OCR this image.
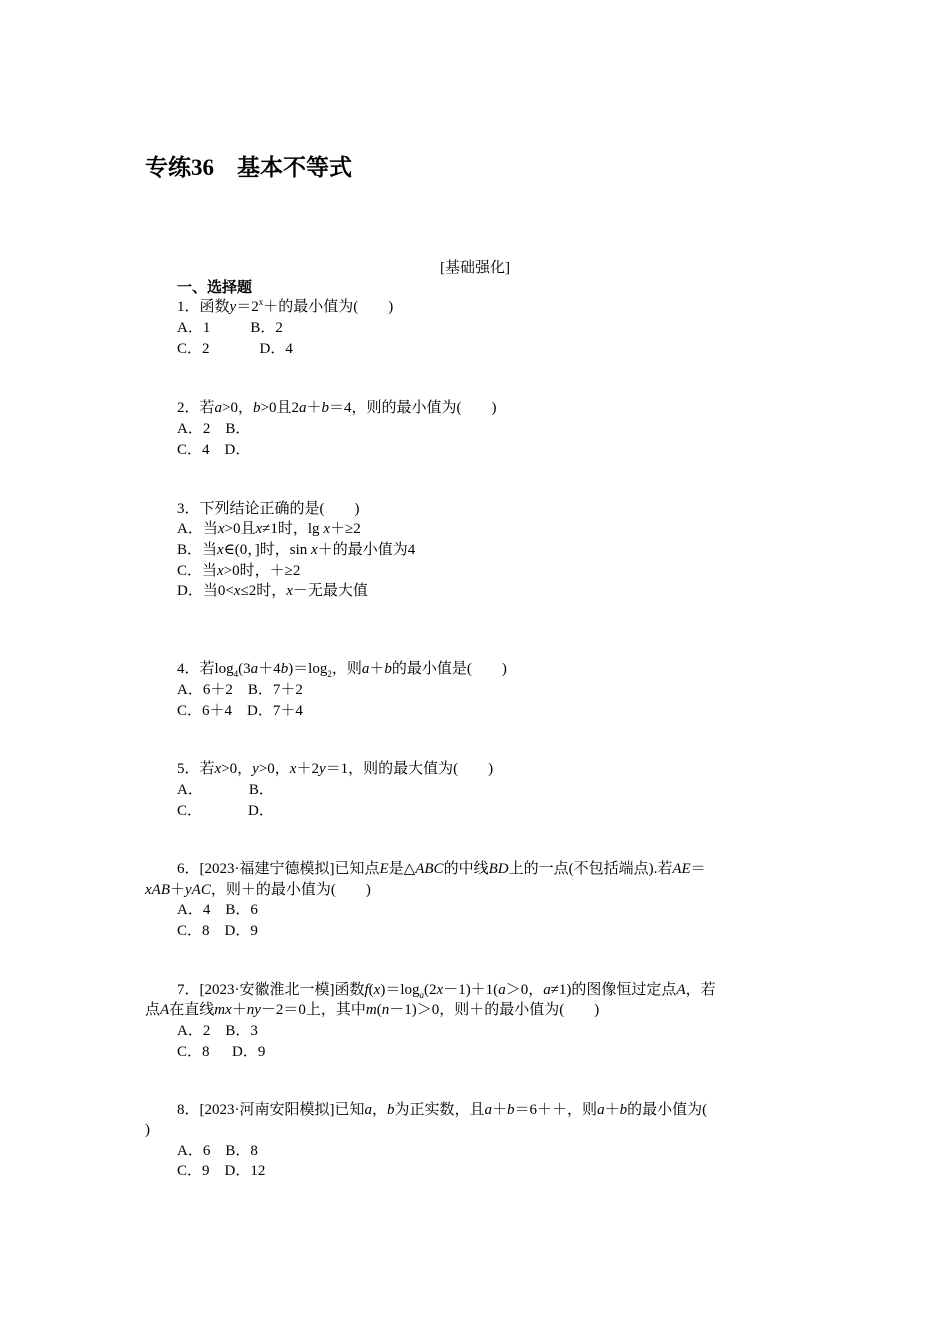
专练36　基本不等式
[基础强化]
一、选择题
1．函数$y=2^x+$的最小值为(　　)
A．1	B．2
C．2	D．4
2．若a>0，b>0且2a＋b＝4，则的最小值为(　　)
A．2　B．
C．4　D．
3．下列结论正确的是(　　)
A．当x>0且x≠1时，lg x＋≥2
B．当x∈(0，]时，sin x＋的最小值为4
C．当x>0时，＋≥2
D．当0<x≤2时，x－无最大值
4．若$\log_4(3a+4b)=\log_2$，则a＋b的最小值是(　　)
A．6＋2　B．7＋2
C．6＋4　D．7＋4
5．若x>0，y>0，x＋2y＝1，则的最大值为(　　)
A．	B．
C．	D．
6．[2023·福建宁德模拟]已知点E是△ABC的中线BD上的一点(不包括端点).若AE＝
xAB＋yAC，则＋的最小值为(　　)
A．4　B．6
C．8　D．9
7．[2023·安徽淮北一模]函数$f(x)=\log_a(2x-1)+1(a>0$，a≠1)的图像恒过定点A，若
点A在直线mx＋ny－2＝0上，其中m(n－1)＞0，则＋的最小值为(　　)
A．2　B．3
C．8　  D．9
8．[2023·河南安阳模拟]已知a，b为正实数，且a＋b＝6＋＋，则a＋b的最小值为(
)
A．6　B．8
C．9　D．12
